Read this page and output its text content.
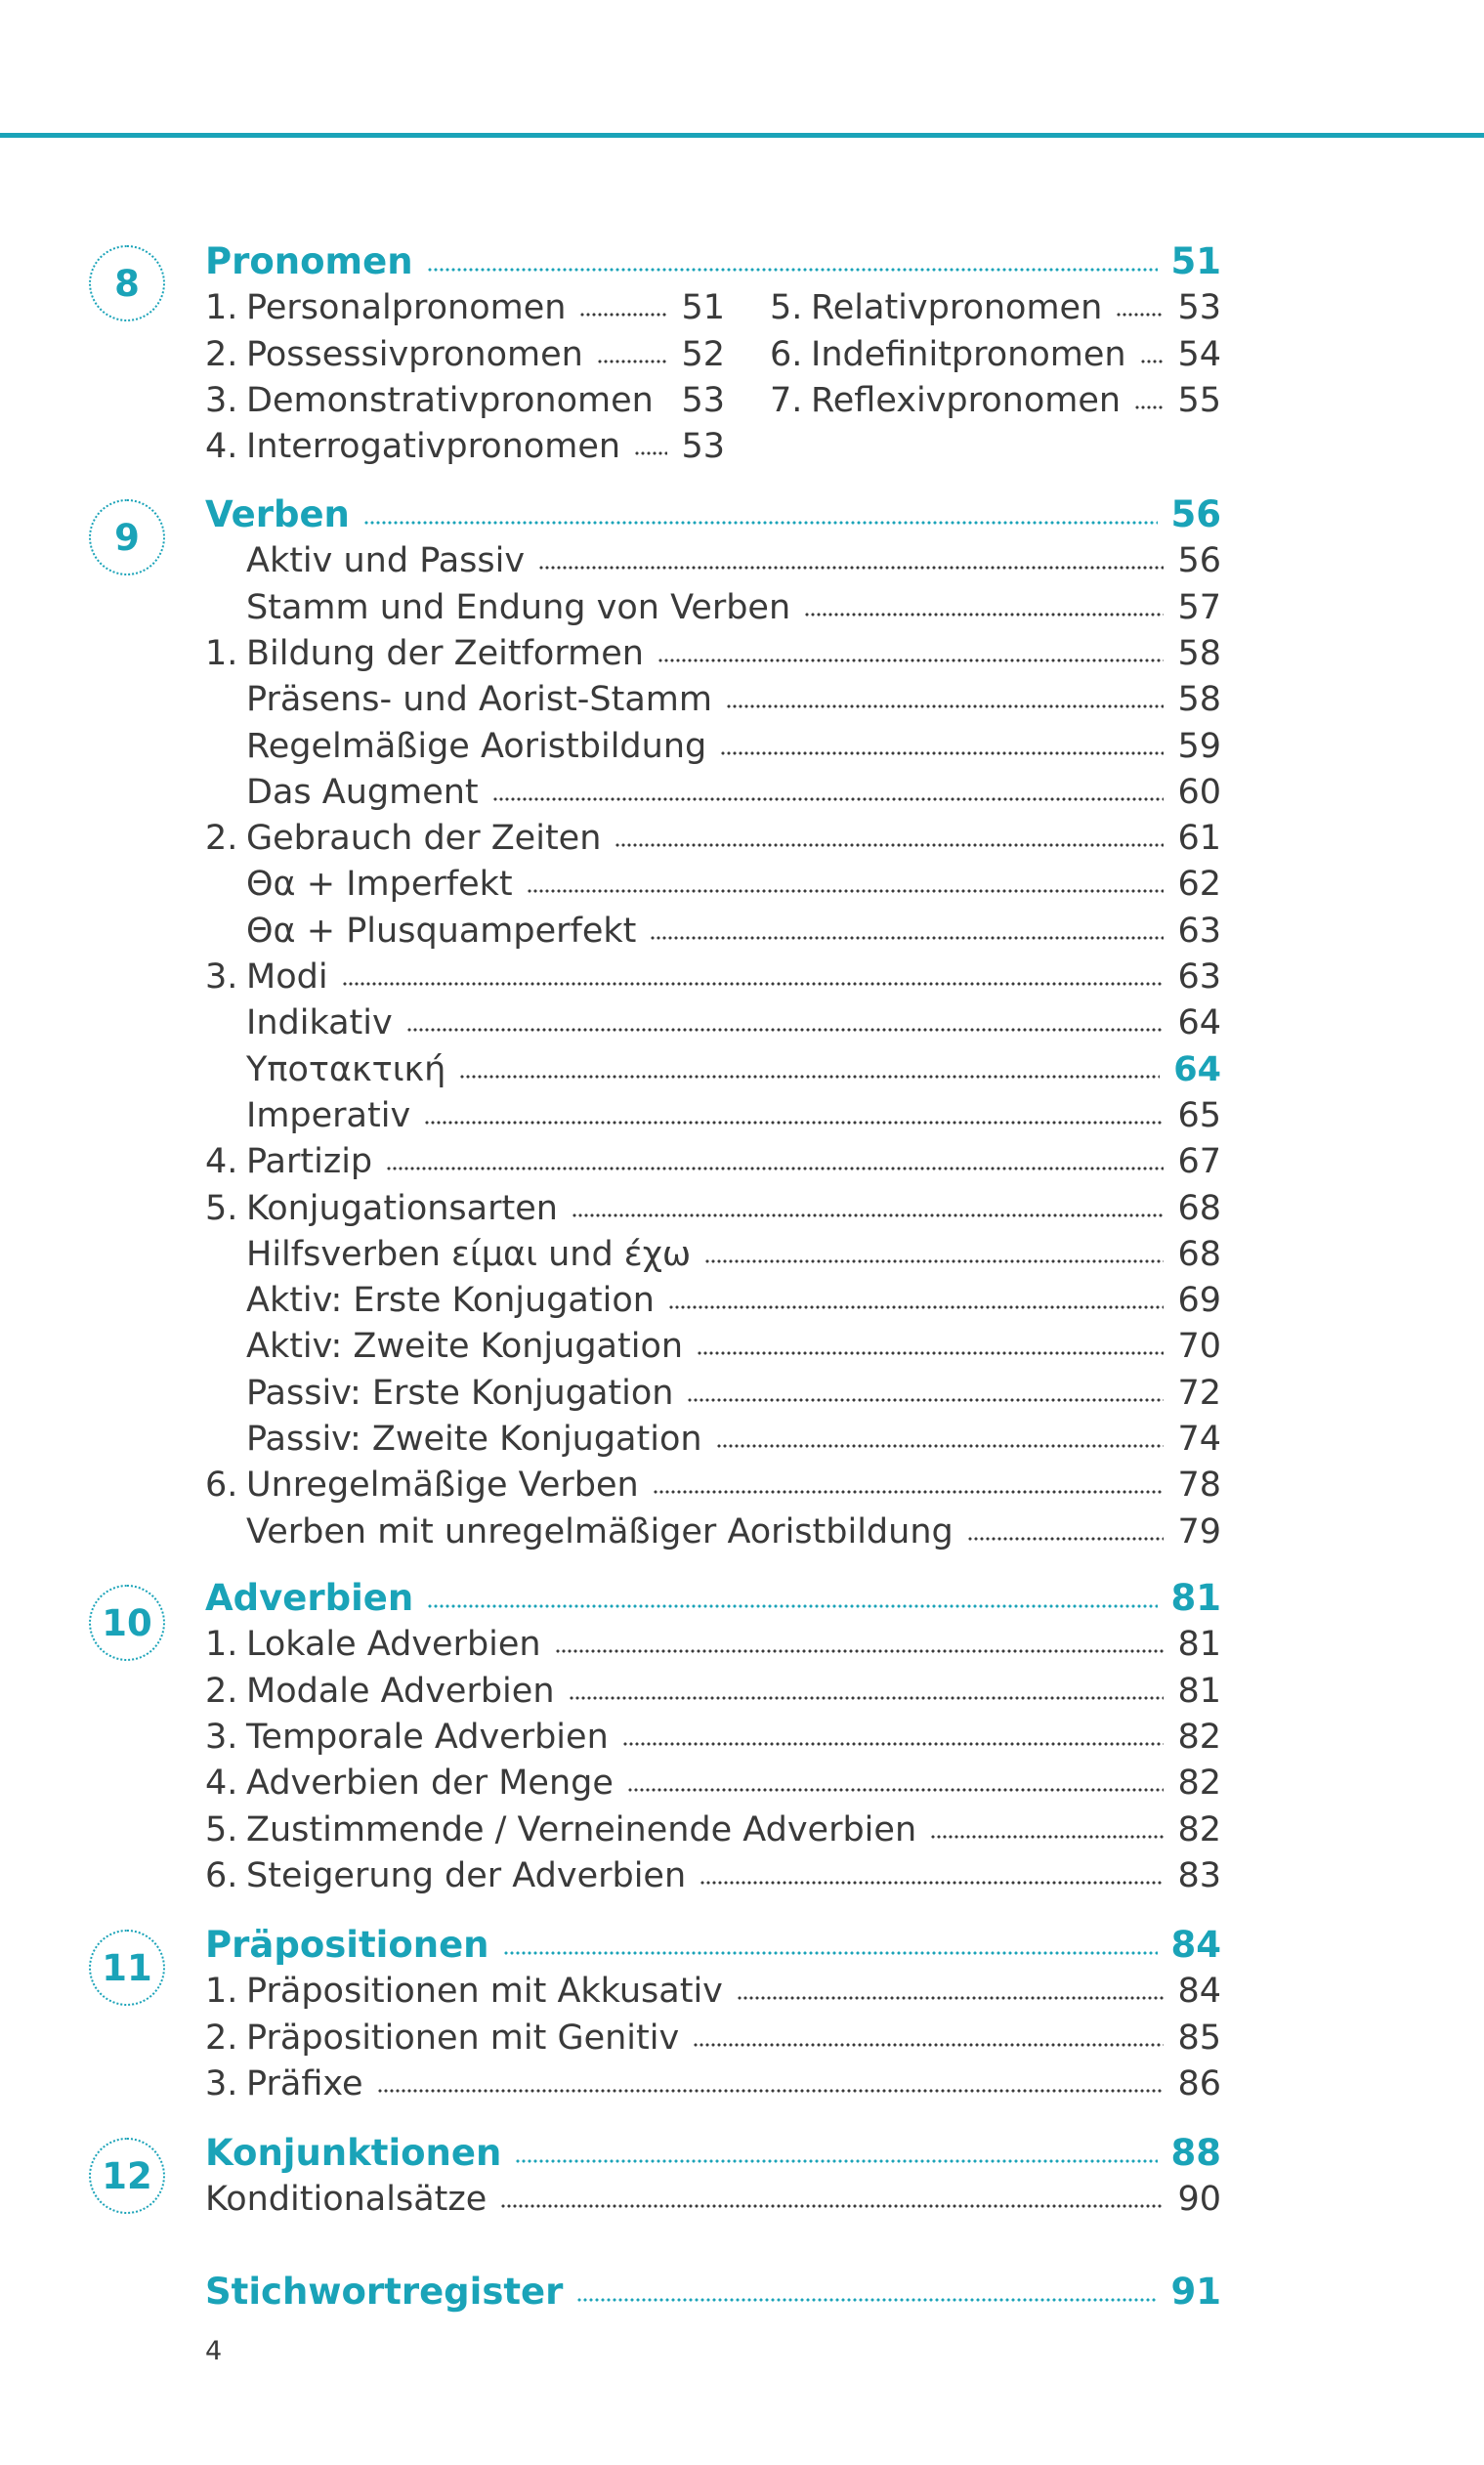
8
Pronomen	51
1. Personalpronomen	51
2. Possessivpronomen	52
3. Demonstrativpronomen 53
4. Interrogativpronomen 53
5. Relativpronomen 53
6. Indefinitpronomen 54
7. Reflexivpronomen 55
9
Verben	56
Aktiv und Passiv	56
Stamm und Endung von Verben	57
1. Bildung der Zeitformen	58
Präsens- und Aorist-Stamm	58
Regelmäßige Aoristbildung	59
Das Augment	60
2. Gebrauch der Zeiten	61
Θα + Imperfekt	62
Θα + Plusquamperfekt	63
3. Modi	63
Indikativ	64
Υποτακτική	64
Imperativ	65
4. Partizip	67
5. Konjugationsarten	68
Hilfsverben είμαι und έχω	68
Aktiv: Erste Konjugation	69
Aktiv: Zweite Konjugation	70
Passiv: Erste Konjugation	72
Passiv: Zweite Konjugation	74
6. Unregelmäßige Verben	78
Verben mit unregelmäßiger Aoristbildung	79
10
Adverbien	81
1. Lokale Adverbien	81
2. Modale Adverbien	81
3. Temporale Adverbien	82
4. Adverbien der Menge	82
5. Zustimmende / Verneinende Adverbien	82
6. Steigerung der Adverbien	83
11
Präpositionen	84
1. Präpositionen mit Akkusativ	84
2. Präpositionen mit Genitiv	85
3. Präfixe	86
12
Konjunktionen	88
Konditionalsätze	90
Stichwortregister	91
4
